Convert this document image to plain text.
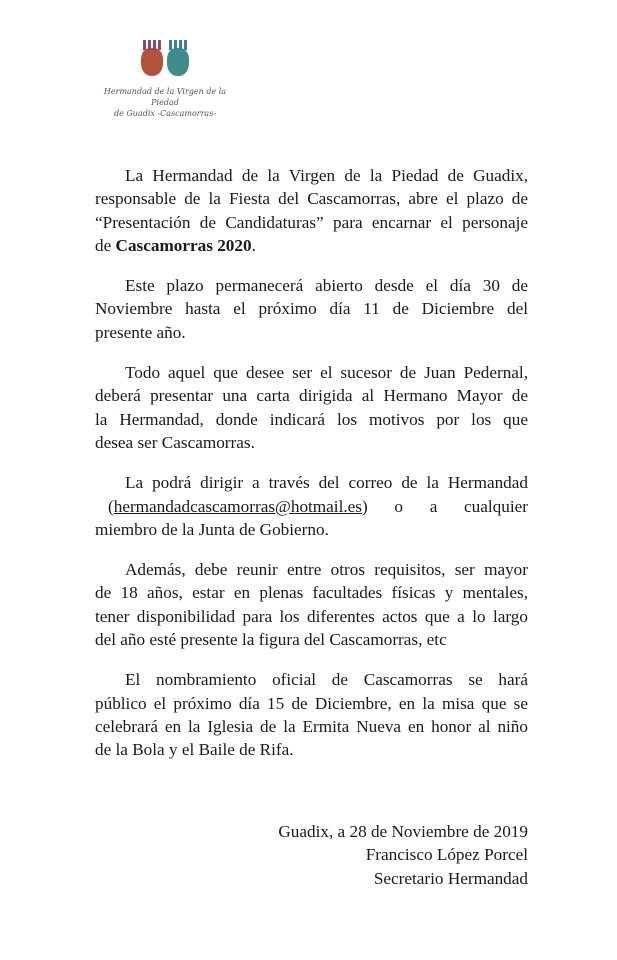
Hermandad de la Virgen de la Piedad
de Guadix -Cascamorras-
La Hermandad de la Virgen de la Piedad de Guadix,
responsable de la Fiesta del Cascamorras, abre el plazo de
“Presentación de Candidaturas” para encarnar el personaje
de Cascamorras 2020.
Este plazo permanecerá abierto desde el día 30 de
Noviembre hasta el próximo día 11 de Diciembre del
presente año.
Todo aquel que desee ser el sucesor de Juan Pedernal,
deberá presentar una carta dirigida al Hermano Mayor de
la Hermandad, donde indicará los motivos por los que
desea ser Cascamorras.
La podrá dirigir a través del correo de la Hermandad
(hermandadcascamorras@hotmail.es)   o   a   cualquier
miembro de la Junta de Gobierno.
Además, debe reunir entre otros requisitos, ser mayor
de 18 años, estar en plenas facultades físicas y mentales,
tener disponibilidad para los diferentes actos que a lo largo
del año esté presente la figura del Cascamorras, etc
El nombramiento oficial de Cascamorras se hará
público el próximo día 15 de Diciembre, en la misa que se
celebrará en la Iglesia de la Ermita Nueva en honor al niño
de la Bola y el Baile de Rifa.
Guadix, a 28 de Noviembre de 2019
Francisco López Porcel
Secretario Hermandad
